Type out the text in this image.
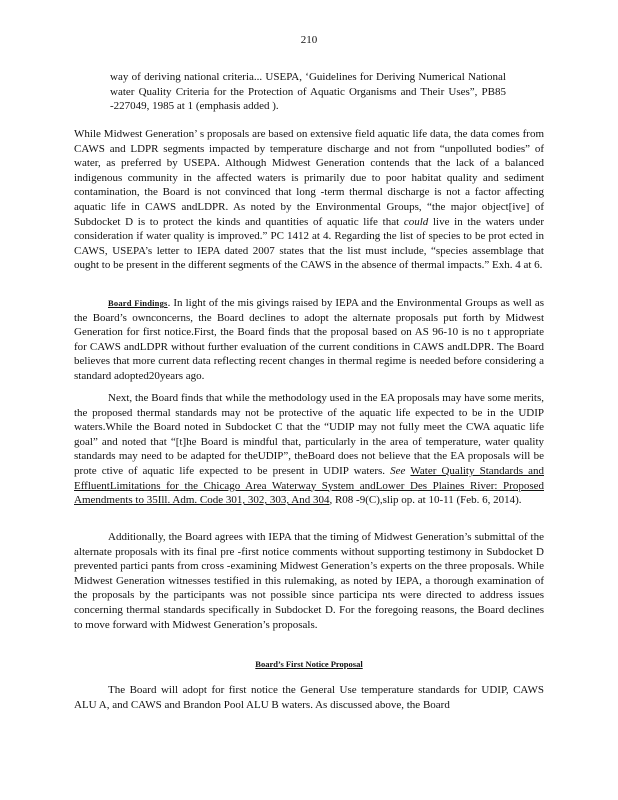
210

way of deriving national criteria... USEPA, ‘Guidelines for Deriving Numerical National water Quality Criteria for the Protection of Aquatic Organisms and Their Uses”, PB85 -227049, 1985 at 1 (emphasis added ).

While Midwest Generation’ s proposals are based on extensive field aquatic life data, the data comes from CAWS and LDPR segments impacted by temperature discharge and not from “unpolluted bodies” of water, as preferred by USEPA. Although Midwest Generation contends that the lack of a balanced indigenous community in the affected waters is primarily due to poor habitat quality and sediment contamination, the Board is not convinced that long -term thermal discharge is not a factor affecting aquatic life in CAWS andLDPR. As noted by the Environmental Groups, “the major object[ive] of Subdocket D is to protect the kinds and quantities of aquatic life that could live in the waters under consideration if water quality is improved.” PC 1412 at 4. Regarding the list of species to be prot ected in CAWS, USEPA’s letter to IEPA dated 2007 states that the list must include, “species assemblage that ought to be present in the different segments of the CAWS in the absence of thermal impacts.” Exh. 4 at 6.

Board Findings. In light of the mis givings raised by IEPA and the Environmental Groups as well as the Board’s ownconcerns, the Board declines to adopt the alternate proposals put forth by Midwest Generation for first notice.First, the Board finds that the proposal based on AS 96-10 is no t appropriate for CAWS andLDPR without further evaluation of the current conditions in CAWS andLDPR. The Board believes that more current data reflecting recent changes in thermal regime is needed before considering a standard adopted20years ago.

Next, the Board finds that while the methodology used in the EA proposals may have some merits, the proposed thermal standards may not be protective of the aquatic life expected to be in the UDIP waters.While the Board noted in Subdocket C that the “UDIP may not fully meet the CWA aquatic life goal” and noted that “[t]he Board is mindful that, particularly in the area of temperature, water quality standards may need to be adapted for theUDIP”, theBoard does not believe that the EA proposals will be prote ctive of aquatic life expected to be present in UDIP waters. See Water Quality Standards and EffluentLimitations for the Chicago Area Waterway System andLower Des Plaines River: Proposed Amendments to 35Ill. Adm. Code 301, 302, 303, And 304, R08 -9(C),slip op. at 10-11 (Feb. 6, 2014).

Additionally, the Board agrees with IEPA that the timing of Midwest Generation’s submittal of the alternate proposals with its final pre -first notice comments without supporting testimony in Subdocket D prevented partici pants from cross -examining Midwest Generation’s experts on the three proposals. While Midwest Generation witnesses testified in this rulemaking, as noted by IEPA, a thorough examination of the proposals by the participants was not possible since participa nts were directed to address issues concerning thermal standards specifically in Subdocket D. For the foregoing reasons, the Board declines to move forward with Midwest Generation’s proposals.

Board’s First Notice Proposal

The Board will adopt for first notice the General Use temperature standards for UDIP, CAWS ALU A, and CAWS and Brandon Pool ALU B waters. As discussed above, the Board
